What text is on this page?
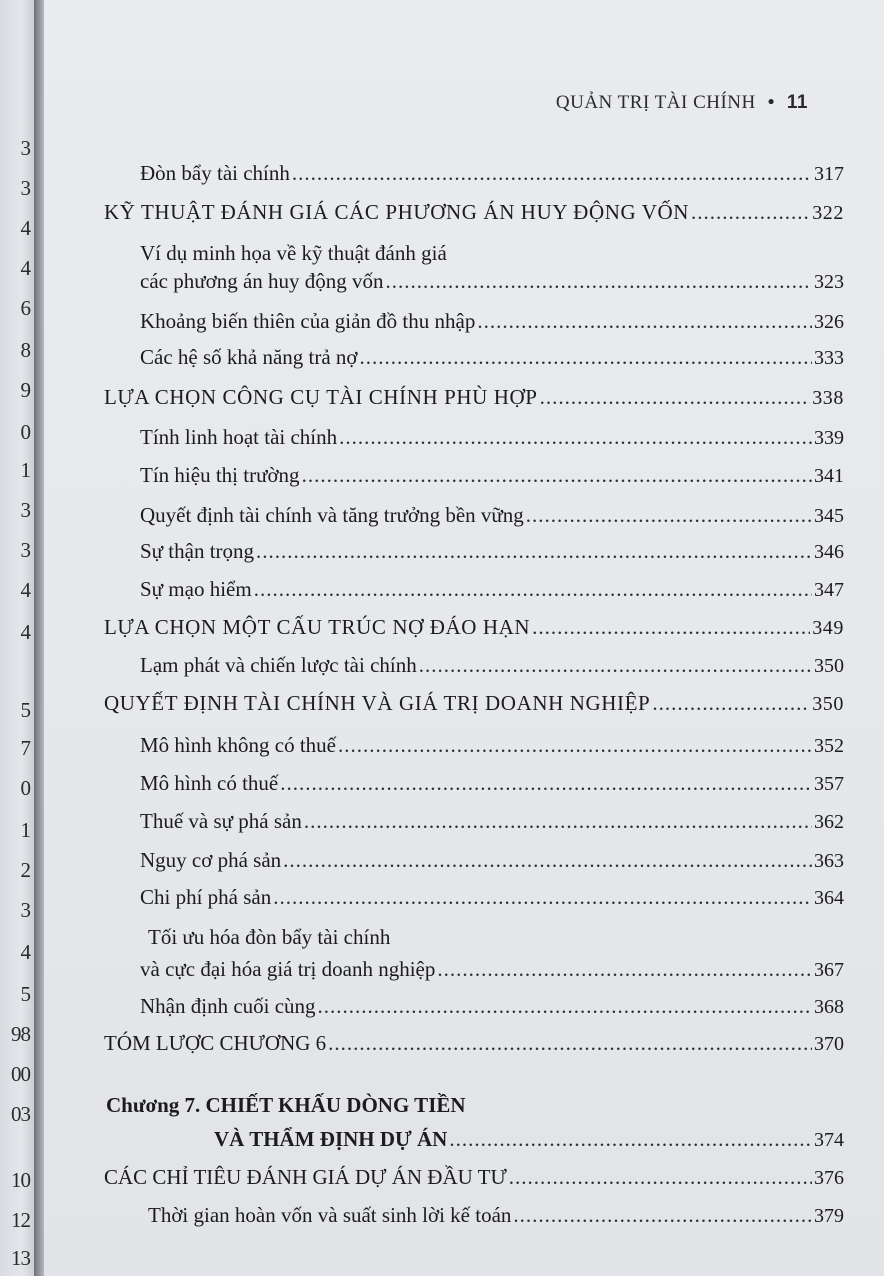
3
3
4
4
6
8
9
0
1
3
3
4
4
5
7
0
1
2
3
4
5
98
00
03
10
12
13
QUẢN TRỊ TÀI CHÍNH • 11
Đòn bẩy tài chính .....	317
KỸ THUẬT ĐÁNH GIÁ CÁC PHƯƠNG ÁN HUY ĐỘNG VỐN .....	322
Ví dụ minh họa về kỹ thuật đánh giá
các phương án huy động vốn .....	323
Khoảng biến thiên của giản đồ thu nhập .....	326
Các hệ số khả năng trả nợ .....	333
LỰA CHỌN CÔNG CỤ TÀI CHÍNH PHÙ HỢP .....	338
Tính linh hoạt tài chính .....	339
Tín hiệu thị trường .....	341
Quyết định tài chính và tăng trưởng bền vững .....	345
Sự thận trọng .....	346
Sự mạo hiểm .....	347
LỰA CHỌN MỘT CẤU TRÚC NỢ ĐÁO HẠN .....	349
Lạm phát và chiến lược tài chính .....	350
QUYẾT ĐỊNH TÀI CHÍNH VÀ GIÁ TRỊ DOANH NGHIỆP .....	350
Mô hình không có thuế .....	352
Mô hình có thuế .....	357
Thuế và sự phá sản .....	362
Nguy cơ phá sản .....	363
Chi phí phá sản .....	364
Tối ưu hóa đòn bẩy tài chính
và cực đại hóa giá trị doanh nghiệp .....	367
Nhận định cuối cùng .....	368
TÓM LƯỢC CHƯƠNG 6 .....	370
Chương 7. CHIẾT KHẤU DÒNG TIỀN
VÀ THẨM ĐỊNH DỰ ÁN .....	374
CÁC CHỈ TIÊU ĐÁNH GIÁ DỰ ÁN ĐẦU TƯ .....	376
Thời gian hoàn vốn và suất sinh lời kế toán .....	379
